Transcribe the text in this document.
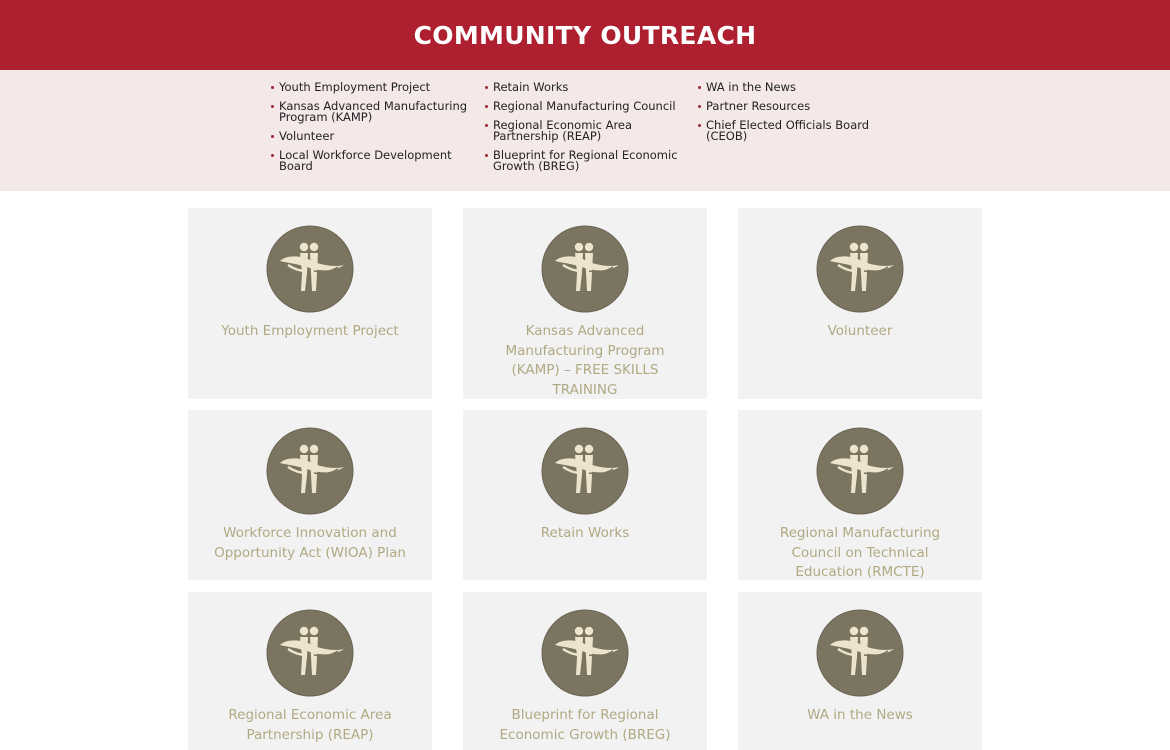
COMMUNITY OUTREACH
Youth Employment Project
Kansas Advanced Manufacturing Program (KAMP)
Volunteer
Local Workforce Development Board
Retain Works
Regional Manufacturing Council
Regional Economic Area Partnership (REAP)
Blueprint for Regional Economic Growth (BREG)
WA in the News
Partner Resources
Chief Elected Officials Board (CEOB)
Youth Employment Project	Kansas Advanced Manufacturing Program (KAMP) – FREE SKILLS TRAINING
Volunteer
Workforce Innovation and Opportunity Act (WIOA) Plan
Retain Works	Regional Manufacturing Council on Technical Education (RMCTE)
Regional Economic Area Partnership (REAP)
Blueprint for Regional Economic Growth (BREG)
WA in the News
